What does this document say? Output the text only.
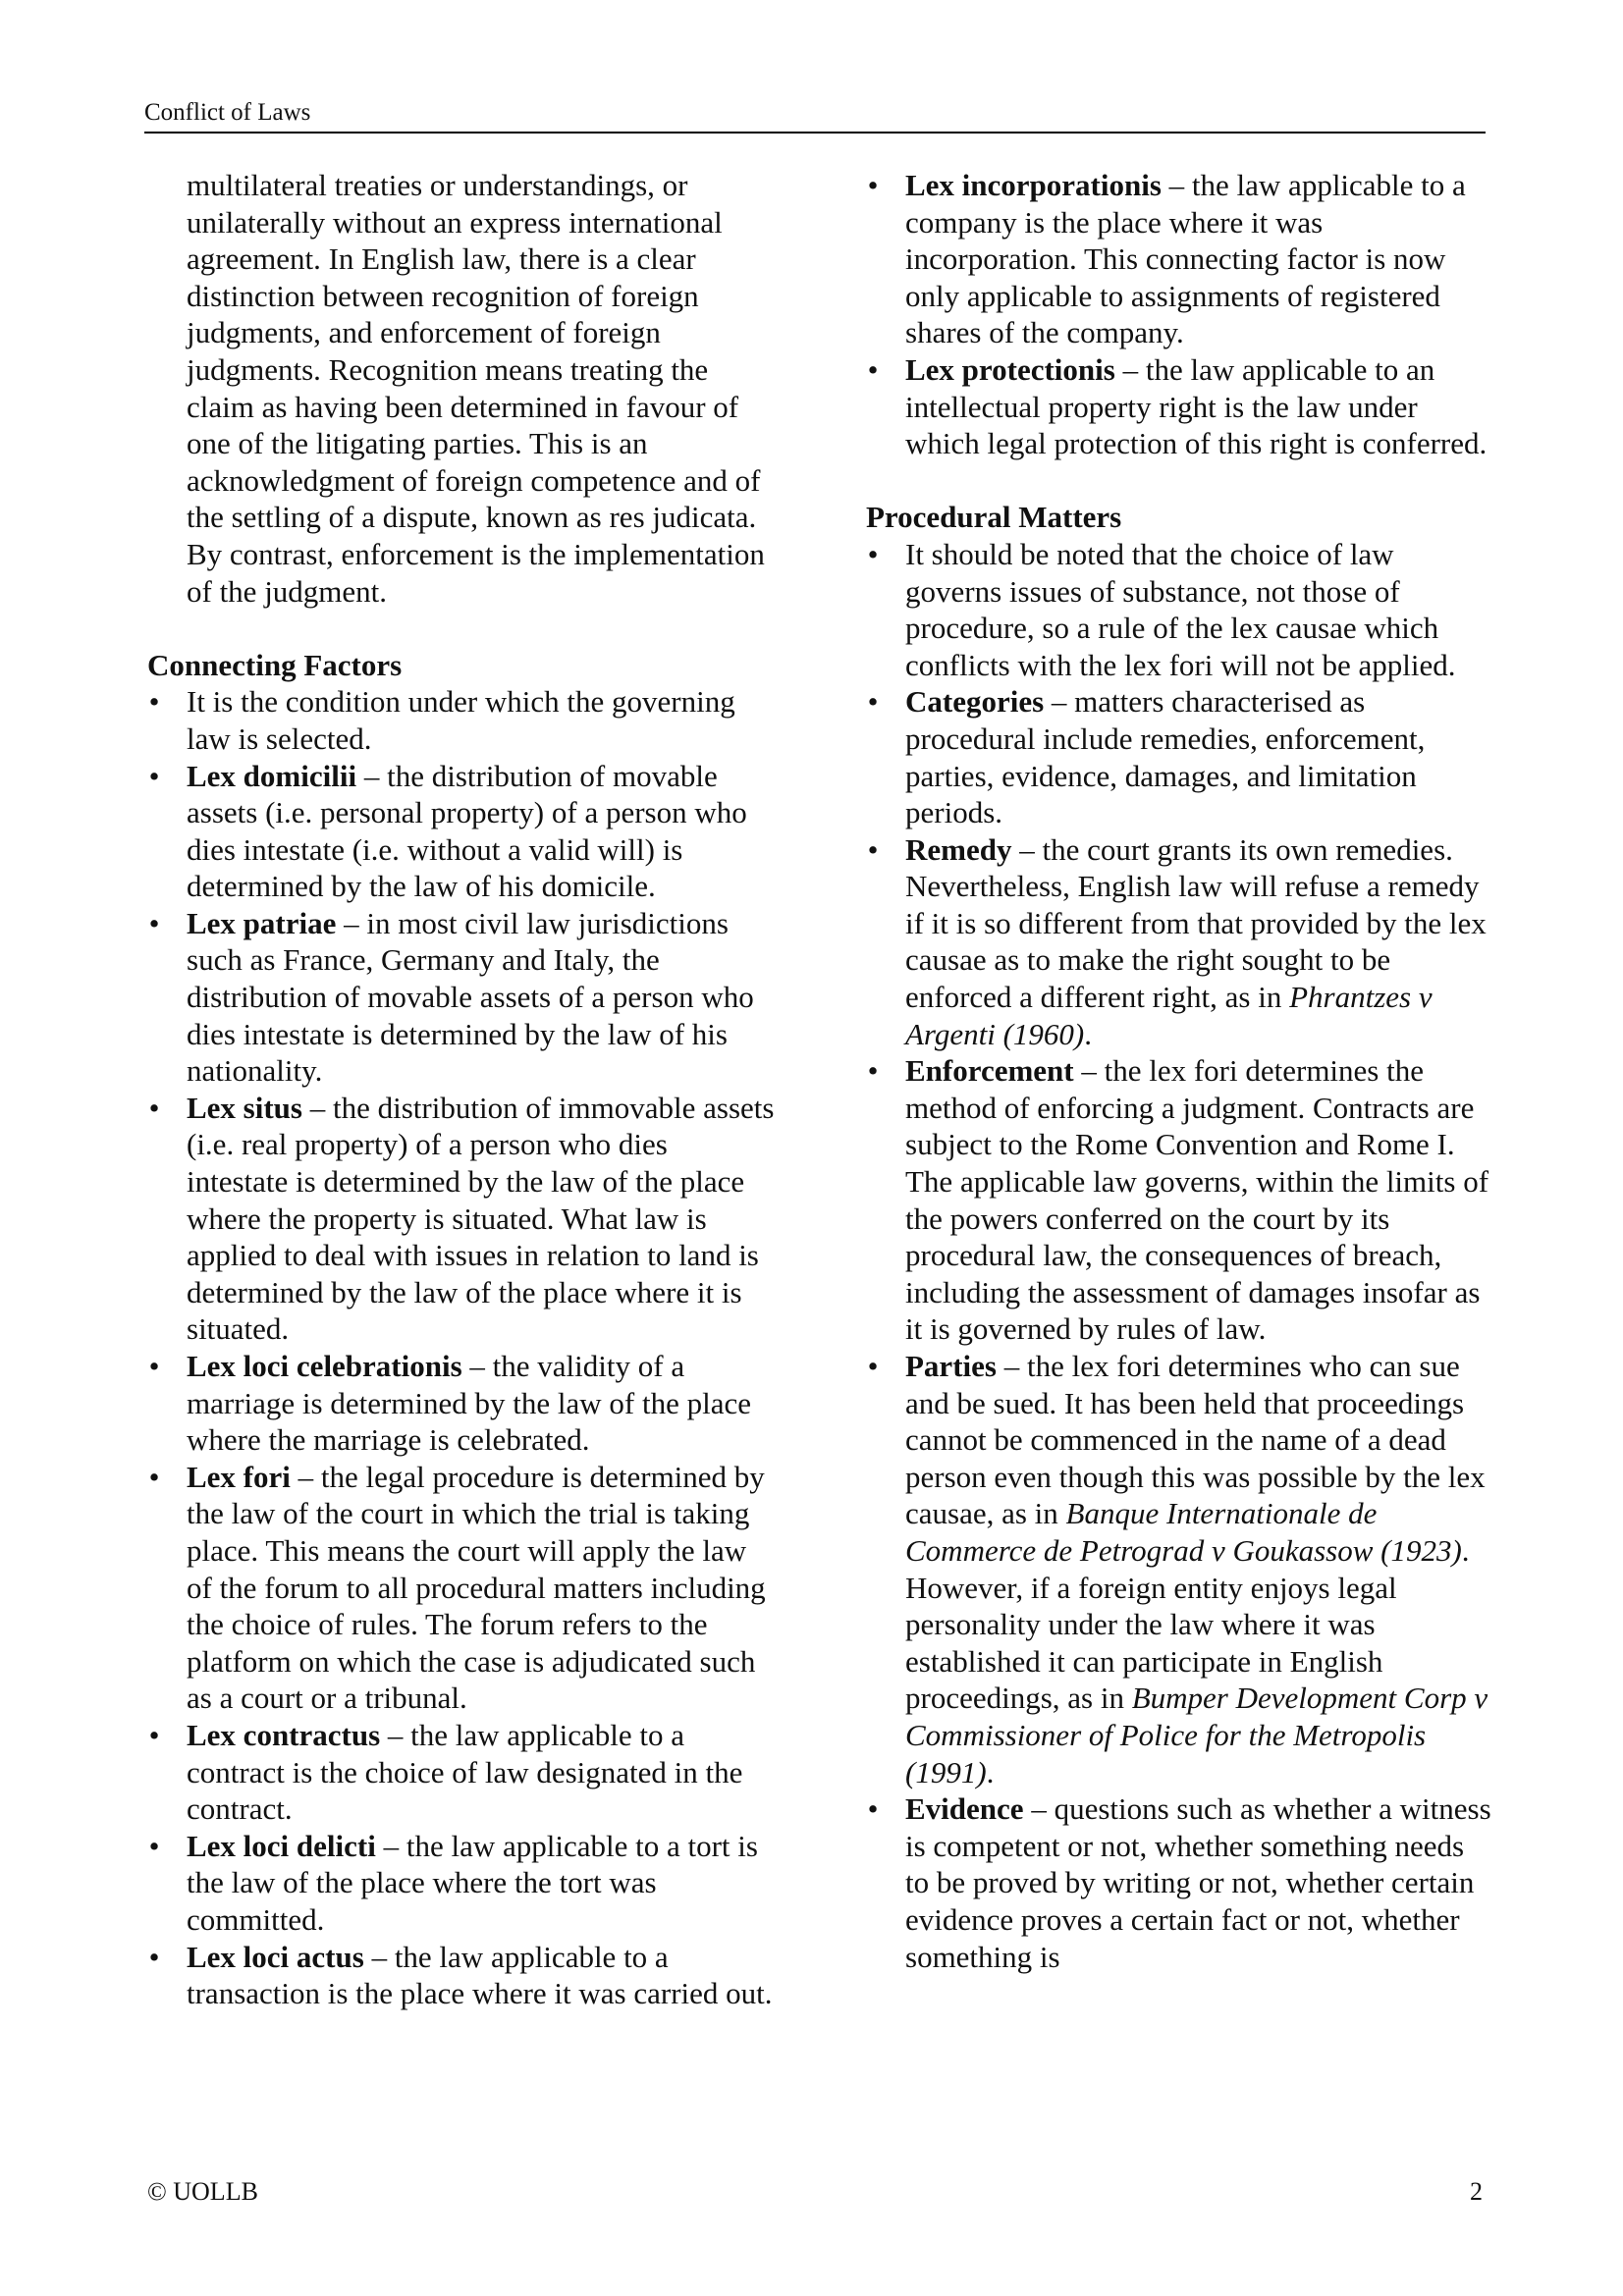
Conflict of Laws

multilateral treaties or understandings, or unilaterally without an express international agreement. In English law, there is a clear distinction between recognition of foreign judgments, and enforcement of foreign judgments. Recognition means treating the claim as having been determined in favour of one of the litigating parties. This is an acknowledgment of foreign competence and of the settling of a dispute, known as res judicata. By contrast, enforcement is the implementation of the judgment.

Connecting Factors
• It is the condition under which the governing law is selected.
• Lex domicilii – the distribution of movable assets (i.e. personal property) of a person who dies intestate (i.e. without a valid will) is determined by the law of his domicile.
• Lex patriae – in most civil law jurisdictions such as France, Germany and Italy, the distribution of movable assets of a person who dies intestate is determined by the law of his nationality.
• Lex situs – the distribution of immovable assets (i.e. real property) of a person who dies intestate is determined by the law of the place where the property is situated. What law is applied to deal with issues in relation to land is determined by the law of the place where it is situated.
• Lex loci celebrationis – the validity of a marriage is determined by the law of the place where the marriage is celebrated.
• Lex fori – the legal procedure is determined by the law of the court in which the trial is taking place. This means the court will apply the law of the forum to all procedural matters including the choice of rules. The forum refers to the platform on which the case is adjudicated such as a court or a tribunal.
• Lex contractus – the law applicable to a contract is the choice of law designated in the contract.
• Lex loci delicti – the law applicable to a tort is the law of the place where the tort was committed.
• Lex loci actus – the law applicable to a transaction is the place where it was carried out.
• Lex incorporationis – the law applicable to a company is the place where it was incorporation. This connecting factor is now only applicable to assignments of registered shares of the company.
• Lex protectionis – the law applicable to an intellectual property right is the law under which legal protection of this right is conferred.
Procedural Matters
• It should be noted that the choice of law governs issues of substance, not those of procedure, so a rule of the lex causae which conflicts with the lex fori will not be applied.
• Categories – matters characterised as procedural include remedies, enforcement, parties, evidence, damages, and limitation periods.
• Remedy – the court grants its own remedies. Nevertheless, English law will refuse a remedy if it is so different from that provided by the lex causae as to make the right sought to be enforced a different right, as in Phrantzes v Argenti (1960).
• Enforcement – the lex fori determines the method of enforcing a judgment. Contracts are subject to the Rome Convention and Rome I. The applicable law governs, within the limits of the powers conferred on the court by its procedural law, the consequences of breach, including the assessment of damages insofar as it is governed by rules of law.
• Parties – the lex fori determines who can sue and be sued. It has been held that proceedings cannot be commenced in the name of a dead person even though this was possible by the lex causae, as in Banque Internationale de Commerce de Petrograd v Goukassow (1923). However, if a foreign entity enjoys legal personality under the law where it was established it can participate in English proceedings, as in Bumper Development Corp v Commissioner of Police for the Metropolis (1991).
• Evidence – questions such as whether a witness is competent or not, whether something needs to be proved by writing or not, whether certain evidence proves a certain fact or not, whether something is
© UOLLB	2
